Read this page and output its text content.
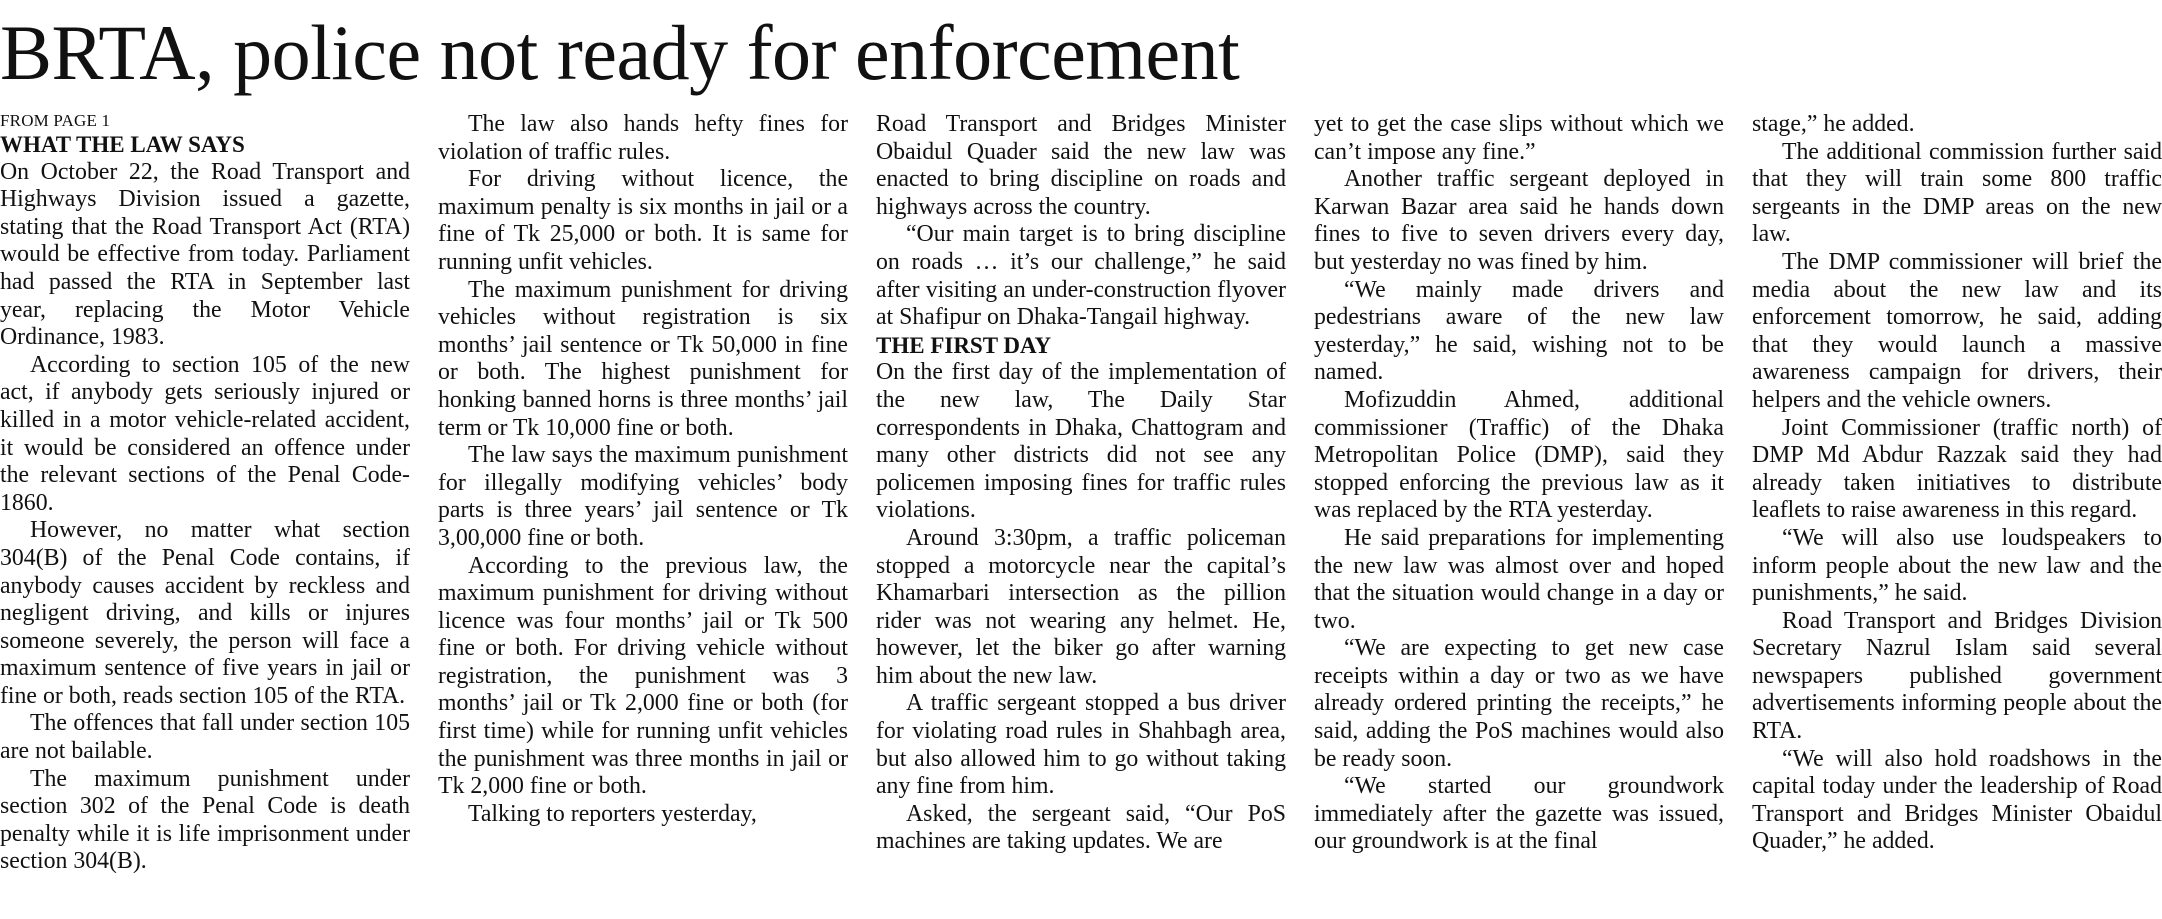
BRTA, police not ready for enforcement
FROM PAGE 1
WHAT THE LAW SAYS

On October 22, the Road Transport and Highways Division issued a gazette, stating that the Road Transport Act (RTA) would be effective from today. Parliament had passed the RTA in September last year, replacing the Motor Vehicle Ordinance, 1983.

According to section 105 of the new act, if anybody gets seriously injured or killed in a motor vehicle-related accident, it would be considered an offence under the relevant sections of the Penal Code-1860.

However, no matter what section 304(B) of the Penal Code contains, if anybody causes accident by reckless and negligent driving, and kills or injures someone severely, the person will face a maximum sentence of five years in jail or fine or both, reads section 105 of the RTA.

The offences that fall under section 105 are not bailable.

The maximum punishment under section 302 of the Penal Code is death penalty while it is life imprisonment under section 304(B).

The law also hands hefty fines for violation of traffic rules.

For driving without licence, the maximum penalty is six months in jail or a fine of Tk 25,000 or both. It is same for running unfit vehicles.

The maximum punishment for driving vehicles without registration is six months’ jail sentence or Tk 50,000 in fine or both. The highest punishment for honking banned horns is three months’ jail term or Tk 10,000 fine or both.

The law says the maximum punishment for illegally modifying vehicles’ body parts is three years’ jail sentence or Tk 3,00,000 fine or both.

According to the previous law, the maximum punishment for driving without licence was four months’ jail or Tk 500 fine or both. For driving vehicle without registration, the punishment was 3 months’ jail or Tk 2,000 fine or both (for first time) while for running unfit vehicles the punishment was three months in jail or Tk 2,000 fine or both.

Talking to reporters yesterday,

Road Transport and Bridges Minister Obaidul Quader said the new law was enacted to bring discipline on roads and highways across the country.

“Our main target is to bring discipline on roads … it’s our challenge,” he said after visiting an under-construction flyover at Shafipur on Dhaka-Tangail highway.

THE FIRST DAY

On the first day of the implementation of the new law, The Daily Star correspondents in Dhaka, Chattogram and many other districts did not see any policemen imposing fines for traffic rules violations.

Around 3:30pm, a traffic policeman stopped a motorcycle near the capital’s Khamarbari intersection as the pillion rider was not wearing any helmet. He, however, let the biker go after warning him about the new law.

A traffic sergeant stopped a bus driver for violating road rules in Shahbagh area, but also allowed him to go without taking any fine from him.

Asked, the sergeant said, “Our PoS machines are taking updates. We are

yet to get the case slips without which we can’t impose any fine.”

Another traffic sergeant deployed in Karwan Bazar area said he hands down fines to five to seven drivers every day, but yesterday no was fined by him.

“We mainly made drivers and pedestrians aware of the new law yesterday,” he said, wishing not to be named.

Mofizuddin Ahmed, additional commissioner (Traffic) of the Dhaka Metropolitan Police (DMP), said they stopped enforcing the previous law as it was replaced by the RTA yesterday.

He said preparations for implementing the new law was almost over and hoped that the situation would change in a day or two.

“We are expecting to get new case receipts within a day or two as we have already ordered printing the receipts,” he said, adding the PoS machines would also be ready soon.

“We started our groundwork immediately after the gazette was issued, our groundwork is at the final

stage,” he added.

The additional commission further said that they will train some 800 traffic sergeants in the DMP areas on the new law.

The DMP commissioner will brief the media about the new law and its enforcement tomorrow, he said, adding that they would launch a massive awareness campaign for drivers, their helpers and the vehicle owners.

Joint Commissioner (traffic north) of DMP Md Abdur Razzak said they had already taken initiatives to distribute leaflets to raise awareness in this regard.

“We will also use loudspeakers to inform people about the new law and the punishments,” he said.

Road Transport and Bridges Division Secretary Nazrul Islam said several newspapers published government advertisements informing people about the RTA.

“We will also hold roadshows in the capital today under the leadership of Road Transport and Bridges Minister Obaidul Quader,” he added.
